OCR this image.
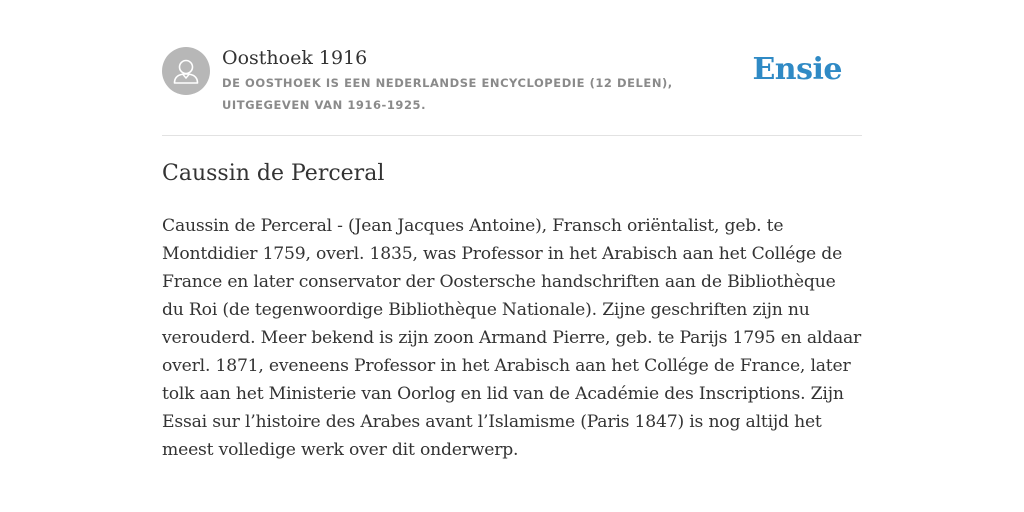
Oosthoek 1916
DE OOSTHOEK IS EEN NEDERLANDSE ENCYCLOPEDIE (12 DELEN), UITGEGEVEN VAN 1916-1925.
Ensie
Caussin de Perceral

Caussin de Perceral - (Jean Jacques Antoine), Fransch oriëntalist, geb. te Montdidier 1759, overl. 1835, was Professor in het Arabisch aan het Collége de France en later conservator der Oostersche handschriften aan de Bibliothèque du Roi (de tegenwoordige Bibliothèque Nationale). Zijne geschriften zijn nu verouderd. Meer bekend is zijn zoon Armand Pierre, geb. te Parijs 1795 en aldaar overl. 1871, eveneens Professor in het Arabisch aan het Collége de France, later tolk aan het Ministerie van Oorlog en lid van de Académie des Inscriptions. Zijn Essai sur l’histoire des Arabes avant l’Islamisme (Paris 1847) is nog altijd het meest volledige werk over dit onderwerp.
